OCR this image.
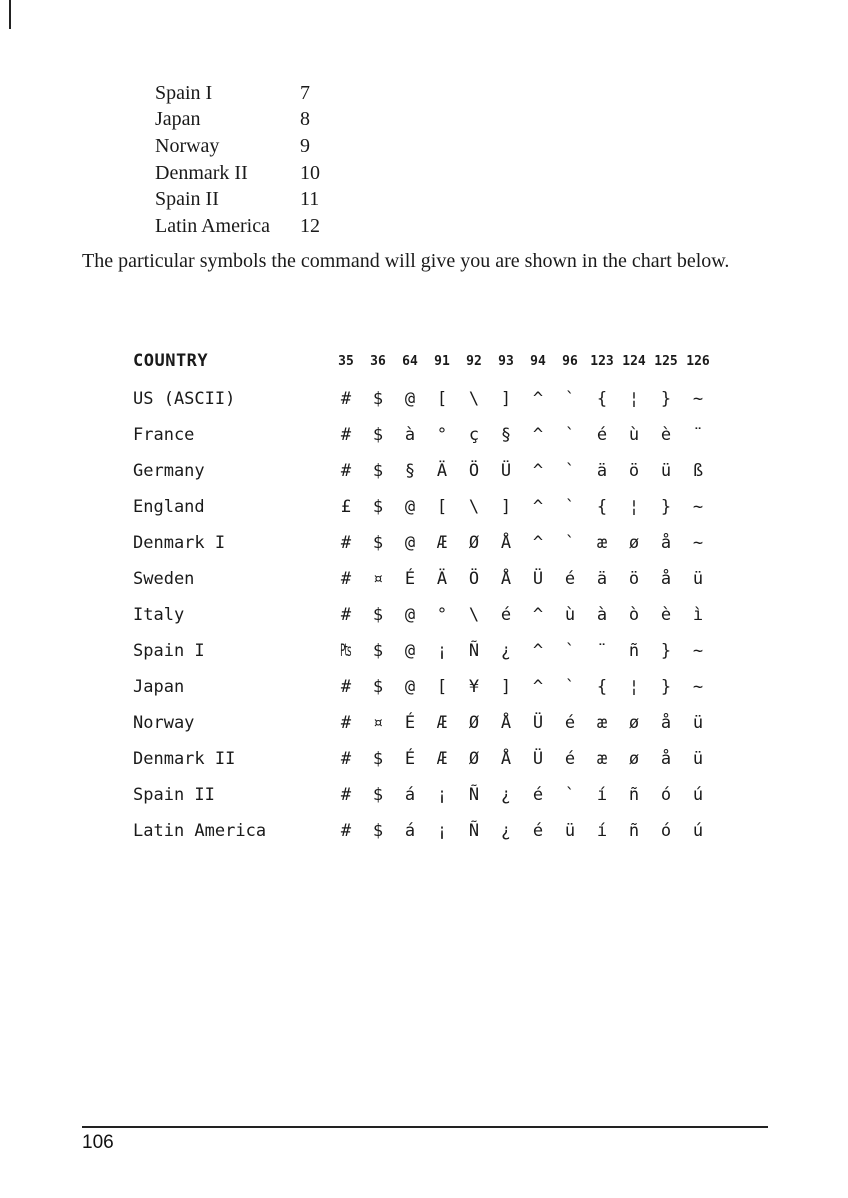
Spain I	7
Japan	8
Norway	9
Denmark II	10
Spain II	11
Latin America	12

The particular symbols the command will give you are shown in the chart below.

COUNTRY	35	36	64	91	92	93	94	96 123 124 125 126
US (ASCII)	#	$	@	[	\	]	^	`	{	¦	}	~
France	#	$	à	°	ç	§	^	`	é	ù	è	¨
Germany	#	$	§	Ä	Ö	Ü	^	`	ä	ö	ü	ß
England	£	$	@	[	\	]	^	`	{	¦	}	~
Denmark I	#	$	@	Æ	Ø	Å	^	`	æ	ø	å	~
Sweden	#	¤	É	Ä	Ö	Å	Ü	é	ä	ö	å	ü
Italy	#	$	@	°	\	é	^	ù	à	ò	è	ì
Spain I	₧	$	@	¡	Ñ	¿	^	`	¨	ñ	}	~
Japan	#	$	@	[	¥	]	^	`	{	¦	}	~
Norway	#	¤	É	Æ	Ø	Å	Ü	é	æ	ø	å	ü
Denmark II	#	$	É	Æ	Ø	Å	Ü	é	æ	ø	å	ü
Spain II	#	$	á	¡	Ñ	¿	é	`	í	ñ	ó	ú
Latin America	#	$	á	¡	Ñ	¿	é	ü	í	ñ	ó	ú
106
